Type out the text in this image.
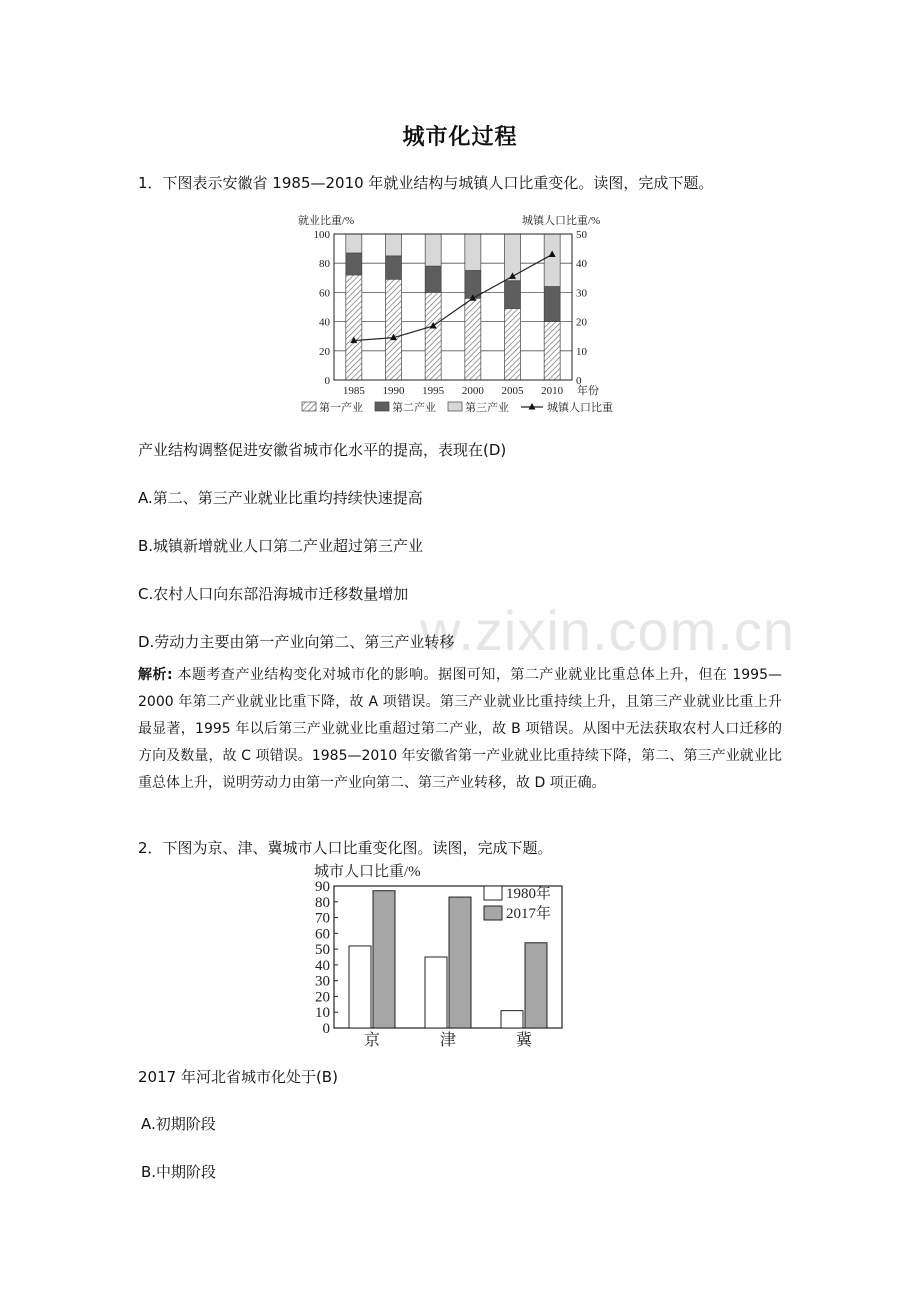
w.zixin.com.cn
城市化过程
1．下图表示安徽省 1985—2010 年就业结构与城镇人口比重变化。读图，完成下题。
就业比重/%	城镇人口比重/%
0
20
40
60
80
100
0
10
20
30
40
50
1985 1990 1995 2000 2005 2010 年份
第一产业	第二产业	第三产业	城镇人口比重
产业结构调整促进安徽省城市化水平的提高，表现在(D)
A.第二、第三产业就业比重均持续快速提高
B.城镇新增就业人口第二产业超过第三产业
C.农村人口向东部沿海城市迁移数量增加
D.劳动力主要由第一产业向第二、第三产业转移
解析: 本题考查产业结构变化对城市化的影响。据图可知，第二产业就业比重总体上升，但在 1995—2000 年第二产业就业比重下降，故 A 项错误。第三产业就业比重持续上升，且第三产业就业比重上升最显著，1995 年以后第三产业就业比重超过第二产业，故 B 项错误。从图中无法获取农村人口迁移的方向及数量，故 C 项错误。1985—2010 年安徽省第一产业就业比重持续下降，第二、第三产业就业比重总体上升，说明劳动力由第一产业向第二、第三产业转移，故 D 项正确。
2．下图为京、津、冀城市人口比重变化图。读图，完成下题。
城市人口比重/%
0
10
20
30
40
50
60
70
80
90
京	津	冀
1980年
2017年
2017 年河北省城市化处于(B)
A.初期阶段
B.中期阶段
